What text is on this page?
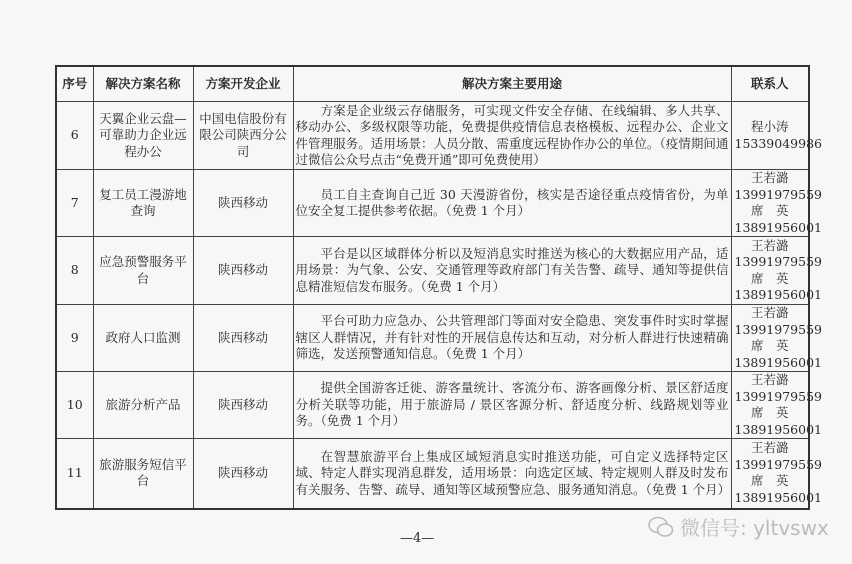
序号	解决方案名称	方案开发企业	解决方案主要用途	联系人
6	天翼企业云盘—可靠助力企业远程办公	中国电信股份有限公司陕西分公司	方案是企业级云存储服务，可实现文件安全存储、在线编辑、多人共享、移动办公、多级权限等功能，免费提供疫情信息表格模板、远程办公、企业文件管理服务。适用场景：人员分散、需重度远程协作办公的单位。（疫情期间通过微信公众号点击“免费开通”即可免费使用）	程小涛
15339049986

7	复工员工漫游地查询	陕西移动	员工自主查询自己近 30 天漫游省份，核实是否途径重点疫情省份，为单位安全复工提供参考依据。（免费 1 个月）	王若潞
13991979559
席　英
13891956001

8	应急预警服务平台	陕西移动	平台是以区域群体分析以及短消息实时推送为核心的大数据应用产品，适用场景：为气象、公安、交通管理等政府部门有关告警、疏导、通知等提供信息精准短信发布服务。（免费 1 个月）	王若潞
13991979559
席　英
13891956001

9	政府人口监测	陕西移动	平台可助力应急办、公共管理部门等面对安全隐患、突发事件时实时掌握辖区人群情况，并有针对性的开展信息传达和互动，对分析人群进行快速精确筛选，发送预警通知信息。（免费 1 个月）	王若潞
13991979559
席　英
13891956001

10	旅游分析产品	陕西移动	提供全国游客迁徙、游客量统计、客流分布、游客画像分析、景区舒适度分析关联等功能，用于旅游局 / 景区客源分析、舒适度分析、线路规划等业务。（免费 1 个月）	王若潞
13991979559
席　英
13891956001

11	旅游服务短信平台	陕西移动	在智慧旅游平台上集成区域短消息实时推送功能，可自定义选择特定区域、特定人群实现消息群发，适用场景：向选定区域、特定规则人群及时发布有关服务、告警、疏导、通知等区域预警应急、服务通知消息。（免费 1 个月）	王若潞
13991979559
席　英
13891956001
—4—	微信号: yltvswx
